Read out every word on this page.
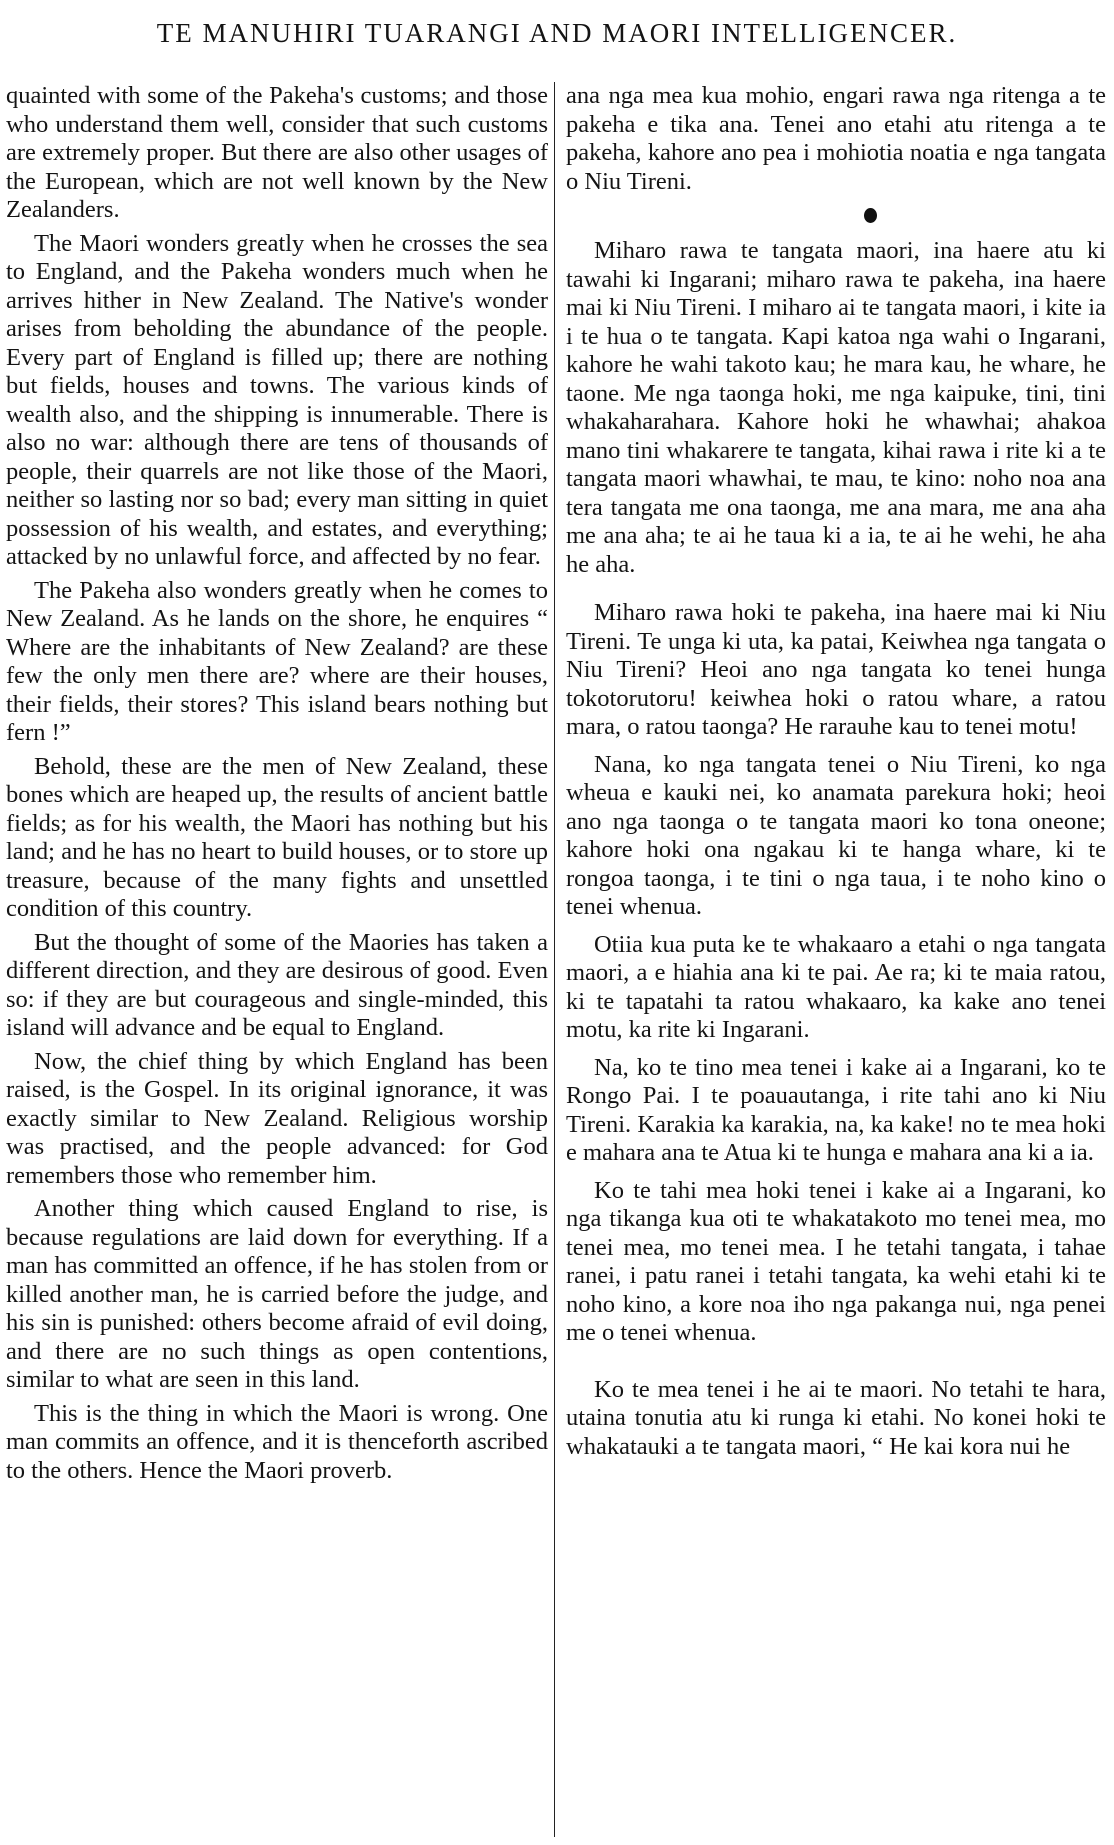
TE MANUHIRI TUARANGI AND MAORI INTELLIGENCER.

quainted with some of the Pakeha's customs; and those who understand them well, consider that such customs are extremely proper. But there are also other usages of the European, which are not well known by the New Zealanders.

The Maori wonders greatly when he crosses the sea to England, and the Pakeha wonders much when he arrives hither in New Zealand. The Native's wonder arises from beholding the abundance of the people. Every part of England is filled up; there are nothing but fields, houses and towns. The various kinds of wealth also, and the shipping is innumerable. There is also no war: although there are tens of thousands of people, their quarrels are not like those of the Maori, neither so lasting nor so bad; every man sitting in quiet possession of his wealth, and estates, and everything; attacked by no unlawful force, and affected by no fear.

The Pakeha also wonders greatly when he comes to New Zealand. As he lands on the shore, he enquires “ Where are the inhabitants of New Zealand? are these few the only men there are? where are their houses, their fields, their stores? This island bears nothing but fern !”

Behold, these are the men of New Zealand, these bones which are heaped up, the results of ancient battle fields; as for his wealth, the Maori has nothing but his land; and he has no heart to build houses, or to store up treasure, because of the many fights and unsettled condition of this country.

But the thought of some of the Maories has taken a different direction, and they are desirous of good. Even so: if they are but courageous and single-minded, this island will advance and be equal to England.

Now, the chief thing by which England has been raised, is the Gospel. In its original ignorance, it was exactly similar to New Zealand. Religious worship was practised, and the people advanced: for God remembers those who remember him.

Another thing which caused England to rise, is because regulations are laid down for everything. If a man has committed an offence, if he has stolen from or killed another man, he is carried before the judge, and his sin is punished: others become afraid of evil doing, and there are no such things as open contentions, similar to what are seen in this land.

This is the thing in which the Maori is wrong. One man commits an offence, and it is thenceforth ascribed to the others. Hence the Maori proverb.

ana nga mea kua mohio, engari rawa nga ritenga a te pakeha e tika ana. Tenei ano etahi atu ritenga a te pakeha, kahore ano pea i mohiotia noatia e nga tangata o Niu Tireni.

Miharo rawa te tangata maori, ina haere atu ki tawahi ki Ingarani; miharo rawa te pakeha, ina haere mai ki Niu Tireni. I miharo ai te tangata maori, i kite ia i te hua o te tangata. Kapi katoa nga wahi o Ingarani, kahore he wahi takoto kau; he mara kau, he whare, he taone. Me nga taonga hoki, me nga kaipuke, tini, tini whakaharahara. Kahore hoki he whawhai; ahakoa mano tini whakarere te tangata, kihai rawa i rite ki a te tangata maori whawhai, te mau, te kino: noho noa ana tera tangata me ona taonga, me ana mara, me ana aha me ana aha; te ai he taua ki a ia, te ai he wehi, he aha he aha.

Miharo rawa hoki te pakeha, ina haere mai ki Niu Tireni. Te unga ki uta, ka patai, Keiwhea nga tangata o Niu Tireni? Heoi ano nga tangata ko tenei hunga tokotorutoru! keiwhea hoki o ratou whare, a ratou mara, o ratou taonga? He rarauhe kau to tenei motu!

Nana, ko nga tangata tenei o Niu Tireni, ko nga wheua e kauki nei, ko anamata parekura hoki; heoi ano nga taonga o te tangata maori ko tona oneone; kahore hoki ona ngakau ki te hanga whare, ki te rongoa taonga, i te tini o nga taua, i te noho kino o tenei whenua.

Otiia kua puta ke te whakaaro a etahi o nga tangata maori, a e hiahia ana ki te pai. Ae ra; ki te maia ratou, ki te tapatahi ta ratou whakaaro, ka kake ano tenei motu, ka rite ki Ingarani.

Na, ko te tino mea tenei i kake ai a Ingarani, ko te Rongo Pai. I te poauautanga, i rite tahi ano ki Niu Tireni. Karakia ka karakia, na, ka kake! no te mea hoki e mahara ana te Atua ki te hunga e mahara ana ki a ia.

Ko te tahi mea hoki tenei i kake ai a Ingarani, ko nga tikanga kua oti te whakatakoto mo tenei mea, mo tenei mea, mo tenei mea. I he tetahi tangata, i tahae ranei, i patu ranei i tetahi tangata, ka wehi etahi ki te noho kino, a kore noa iho nga pakanga nui, nga penei me o tenei whenua.

Ko te mea tenei i he ai te maori. No tetahi te hara, utaina tonutia atu ki runga ki etahi. No konei hoki te whakatauki a te tangata maori, “ He kai kora nui he
